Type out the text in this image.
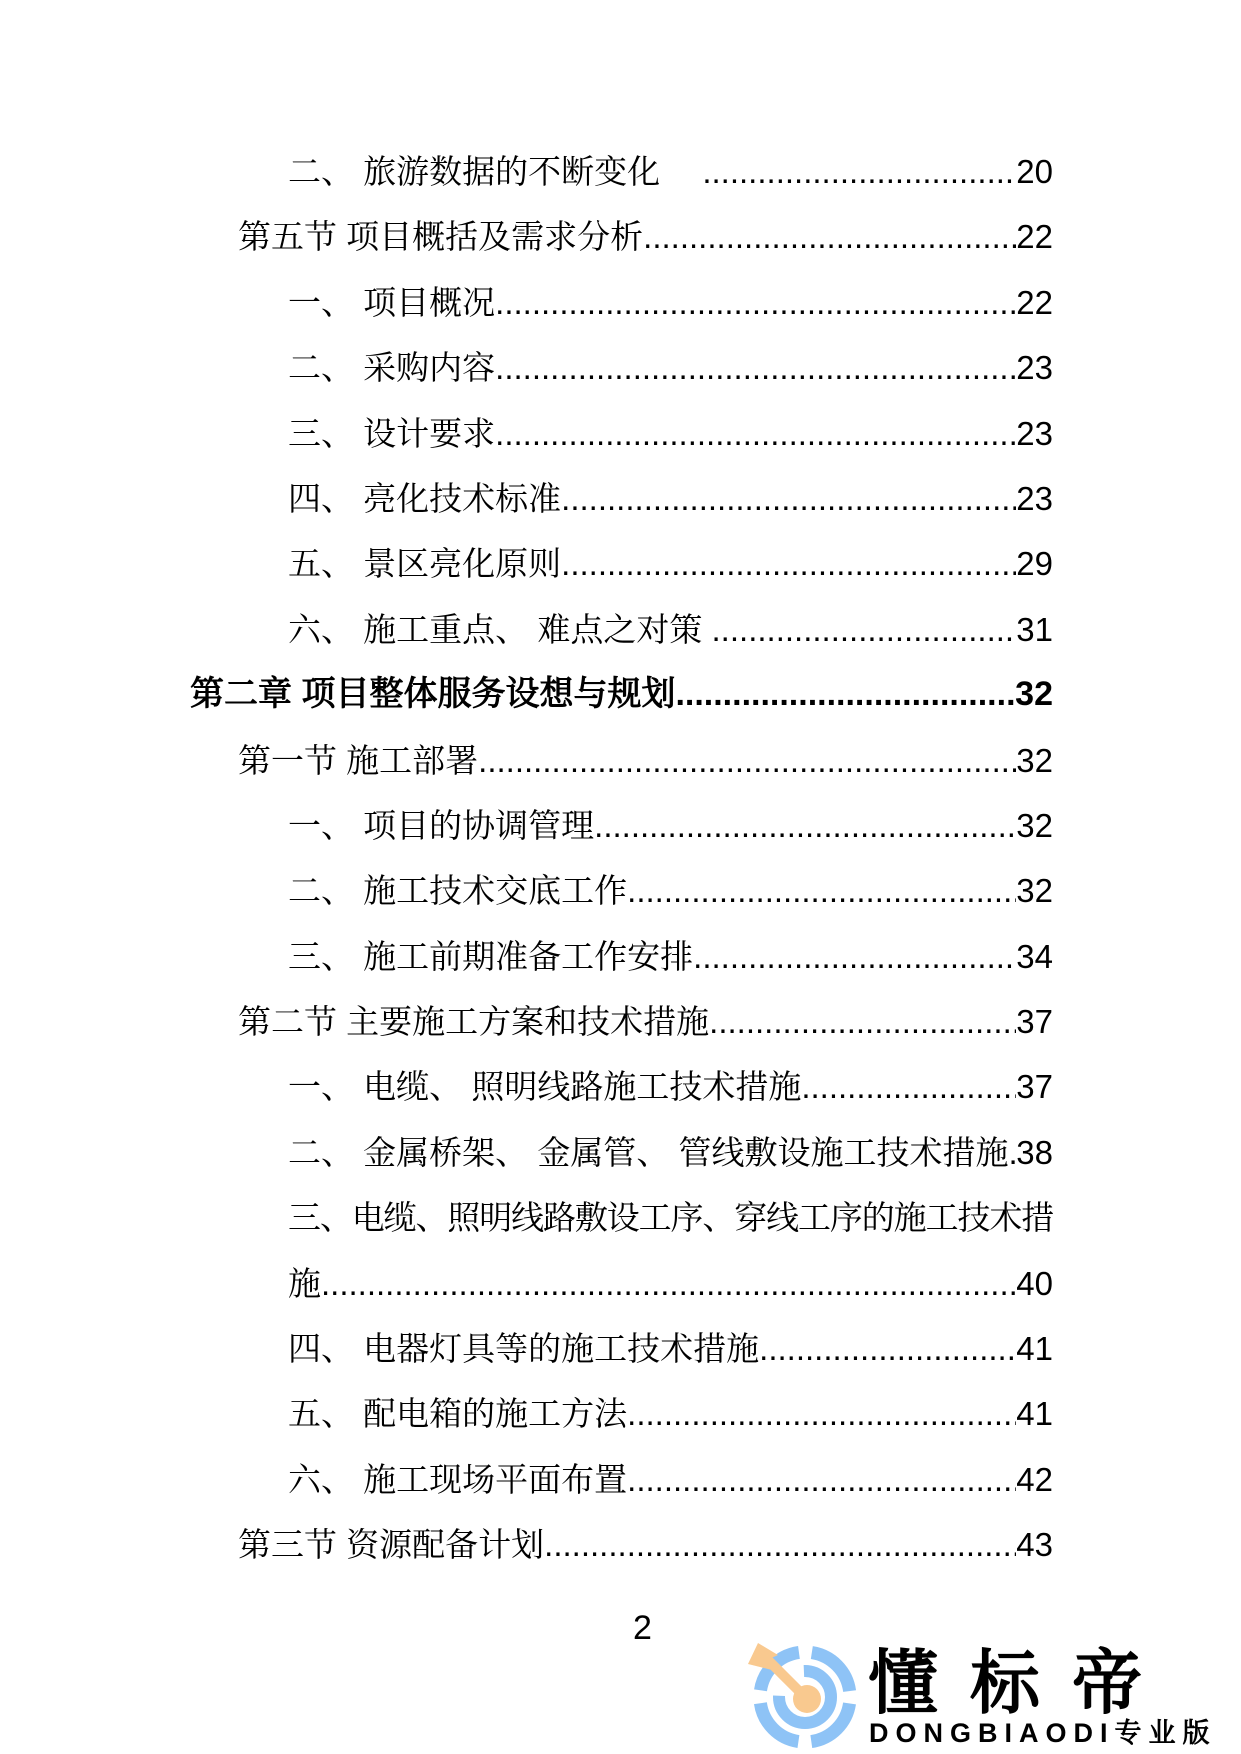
二、 旅游数据的不断变化 　 .....	20
第五节 项目概括及需求分析 .....	22
一、 项目概况 .....	22
二、 采购内容 .....	23
三、 设计要求 .....	23
四、 亮化技术标准 .....	23
五、 景区亮化原则 .....	29
六、 施工重点、 难点之对策 .....	31
第二章 项目整体服务设想与规划 .....	32
第一节 施工部署 .....	32
一、 项目的协调管理 .....	32
二、 施工技术交底工作 .....	32
三、 施工前期准备工作安排 .....	34
第二节 主要施工方案和技术措施 .....	37
一、 电缆、 照明线路施工技术措施 .....	37
二、 金属桥架、 金属管、 管线敷设施工技术措施 ..... 38
三、电缆、照明线路敷设工序、穿线工序的施工技术措
施 .....	40
四、 电器灯具等的施工技术措施 .....	41
五、 配电箱的施工方法 .....	41
六、 施工现场平面布置 .....	42
第三节 资源配备计划 .....	43
2
懂标帝
DONGBIAODI专业版
